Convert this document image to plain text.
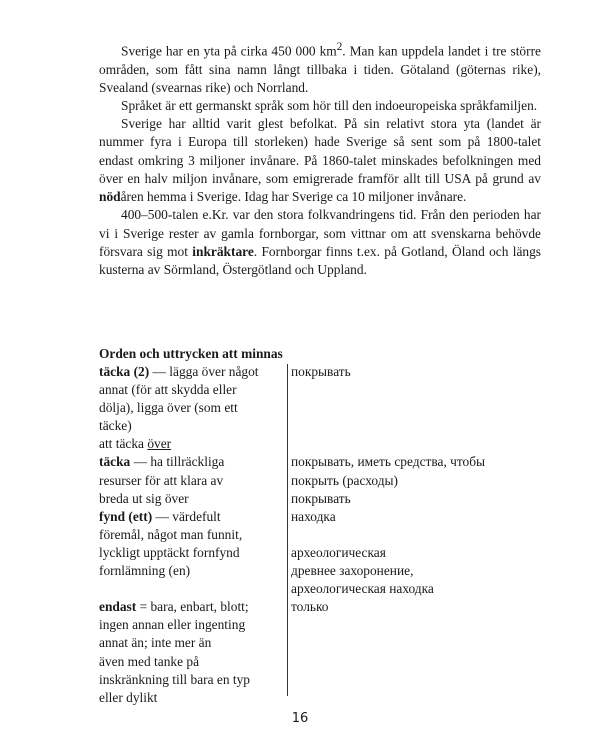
Sverige har en yta på cirka 450 000 $km^2$. Man kan uppdela landet i tre större områden, som fått sina namn långt tillbaka i tiden. Götaland (göternas rike), Svealand (svearnas rike) och Norrland.

Språket är ett germanskt språk som hör till den indoeuropeiska språkfamiljen.

Sverige har alltid varit glest befolkat. På sin relativt stora yta (landet är nummer fyra i Europa till storleken) hade Sverige så sent som på 1800-talet endast omkring 3 miljoner invånare. På 1860-talet minskades befolkningen med över en halv miljon invånare, som emigrerade framför allt till USA på grund av nödåren hemma i Sverige. Idag har Sverige ca 10 miljoner invånare.

400–500-talen e.Kr. var den stora folkvandringens tid. Från den perioden har vi i Sverige rester av gamla fornborgar, som vittnar om att svenskarna behövde försvara sig mot inkräktare. Fornborgar finns t.ex. på Gotland, Öland och längs kusterna av Sörmland, Östergötland och Uppland.

Orden och uttrycken att minnas
täcka (2) — lägga över något
annat (för att skydda eller
dölja), ligga över (som ett
täcke)
att täcka över
täcka — ha tillräckliga
resurser för att klara av
breda ut sig över
fynd (ett) — värdefult
föremål, något man funnit,
lyckligt upptäckt fornfynd
fornlämning (en)
endast = bara, enbart, blott;
ingen annan eller ingenting
annat än; inte mer än
även med tanke på
inskränkning till bara en typ
eller dylikt
покрывать
покрывать, иметь средства, чтобы
покрыть (расходы)
покрывать
находка
археологическая
древнее захоронение,
археологическая находка
только
16
